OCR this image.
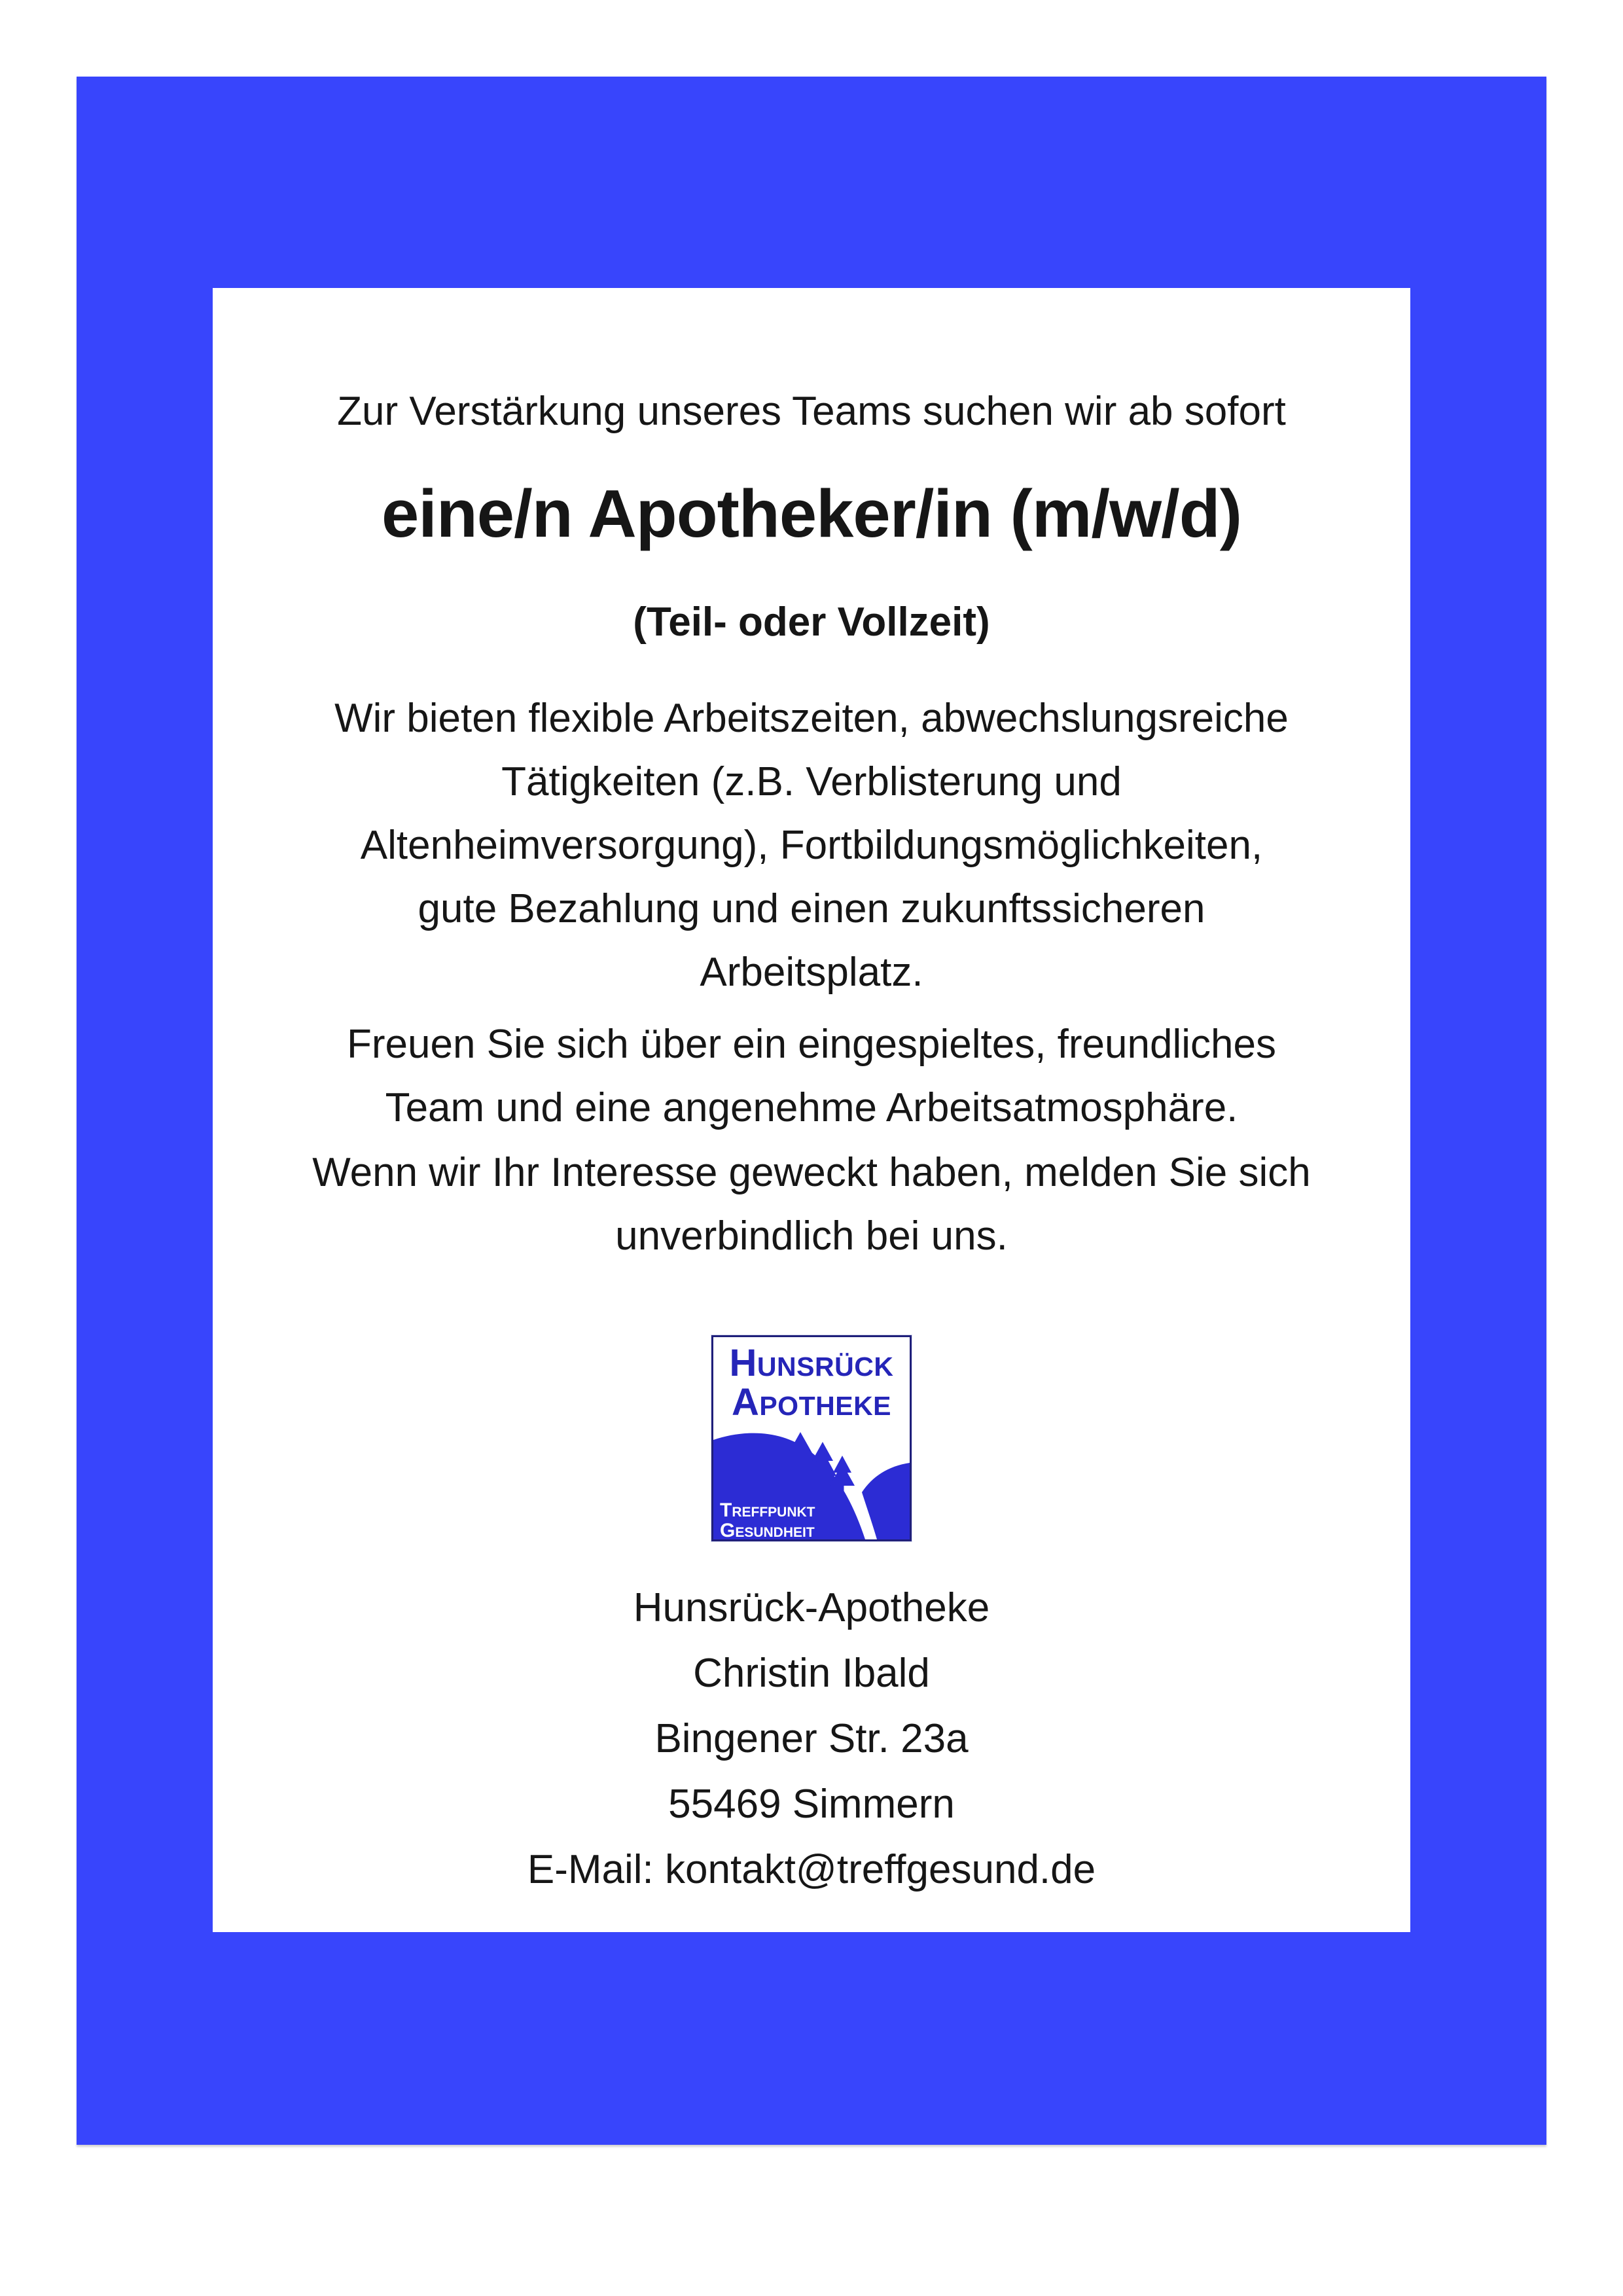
Zur Verstärkung unseres Teams suchen wir ab sofort
eine/n Apotheker/in (m/w/d)
(Teil- oder Vollzeit)
Wir bieten flexible Arbeitszeiten, abwechslungsreiche
Tätigkeiten (z.B. Verblisterung und
Altenheimversorgung), Fortbildungsmöglichkeiten,
gute Bezahlung und einen zukunftssicheren
Arbeitsplatz.
Freuen Sie sich über ein eingespieltes, freundliches
Team und eine angenehme Arbeitsatmosphäre.
Wenn wir Ihr Interesse geweckt haben, melden Sie sich
unverbindlich bei uns.
Hunsrück
Apotheke
Treffpunkt
Gesundheit
Hunsrück-Apotheke
Christin Ibald
Bingener Str. 23a
55469 Simmern
E-Mail: kontakt@treffgesund.de
